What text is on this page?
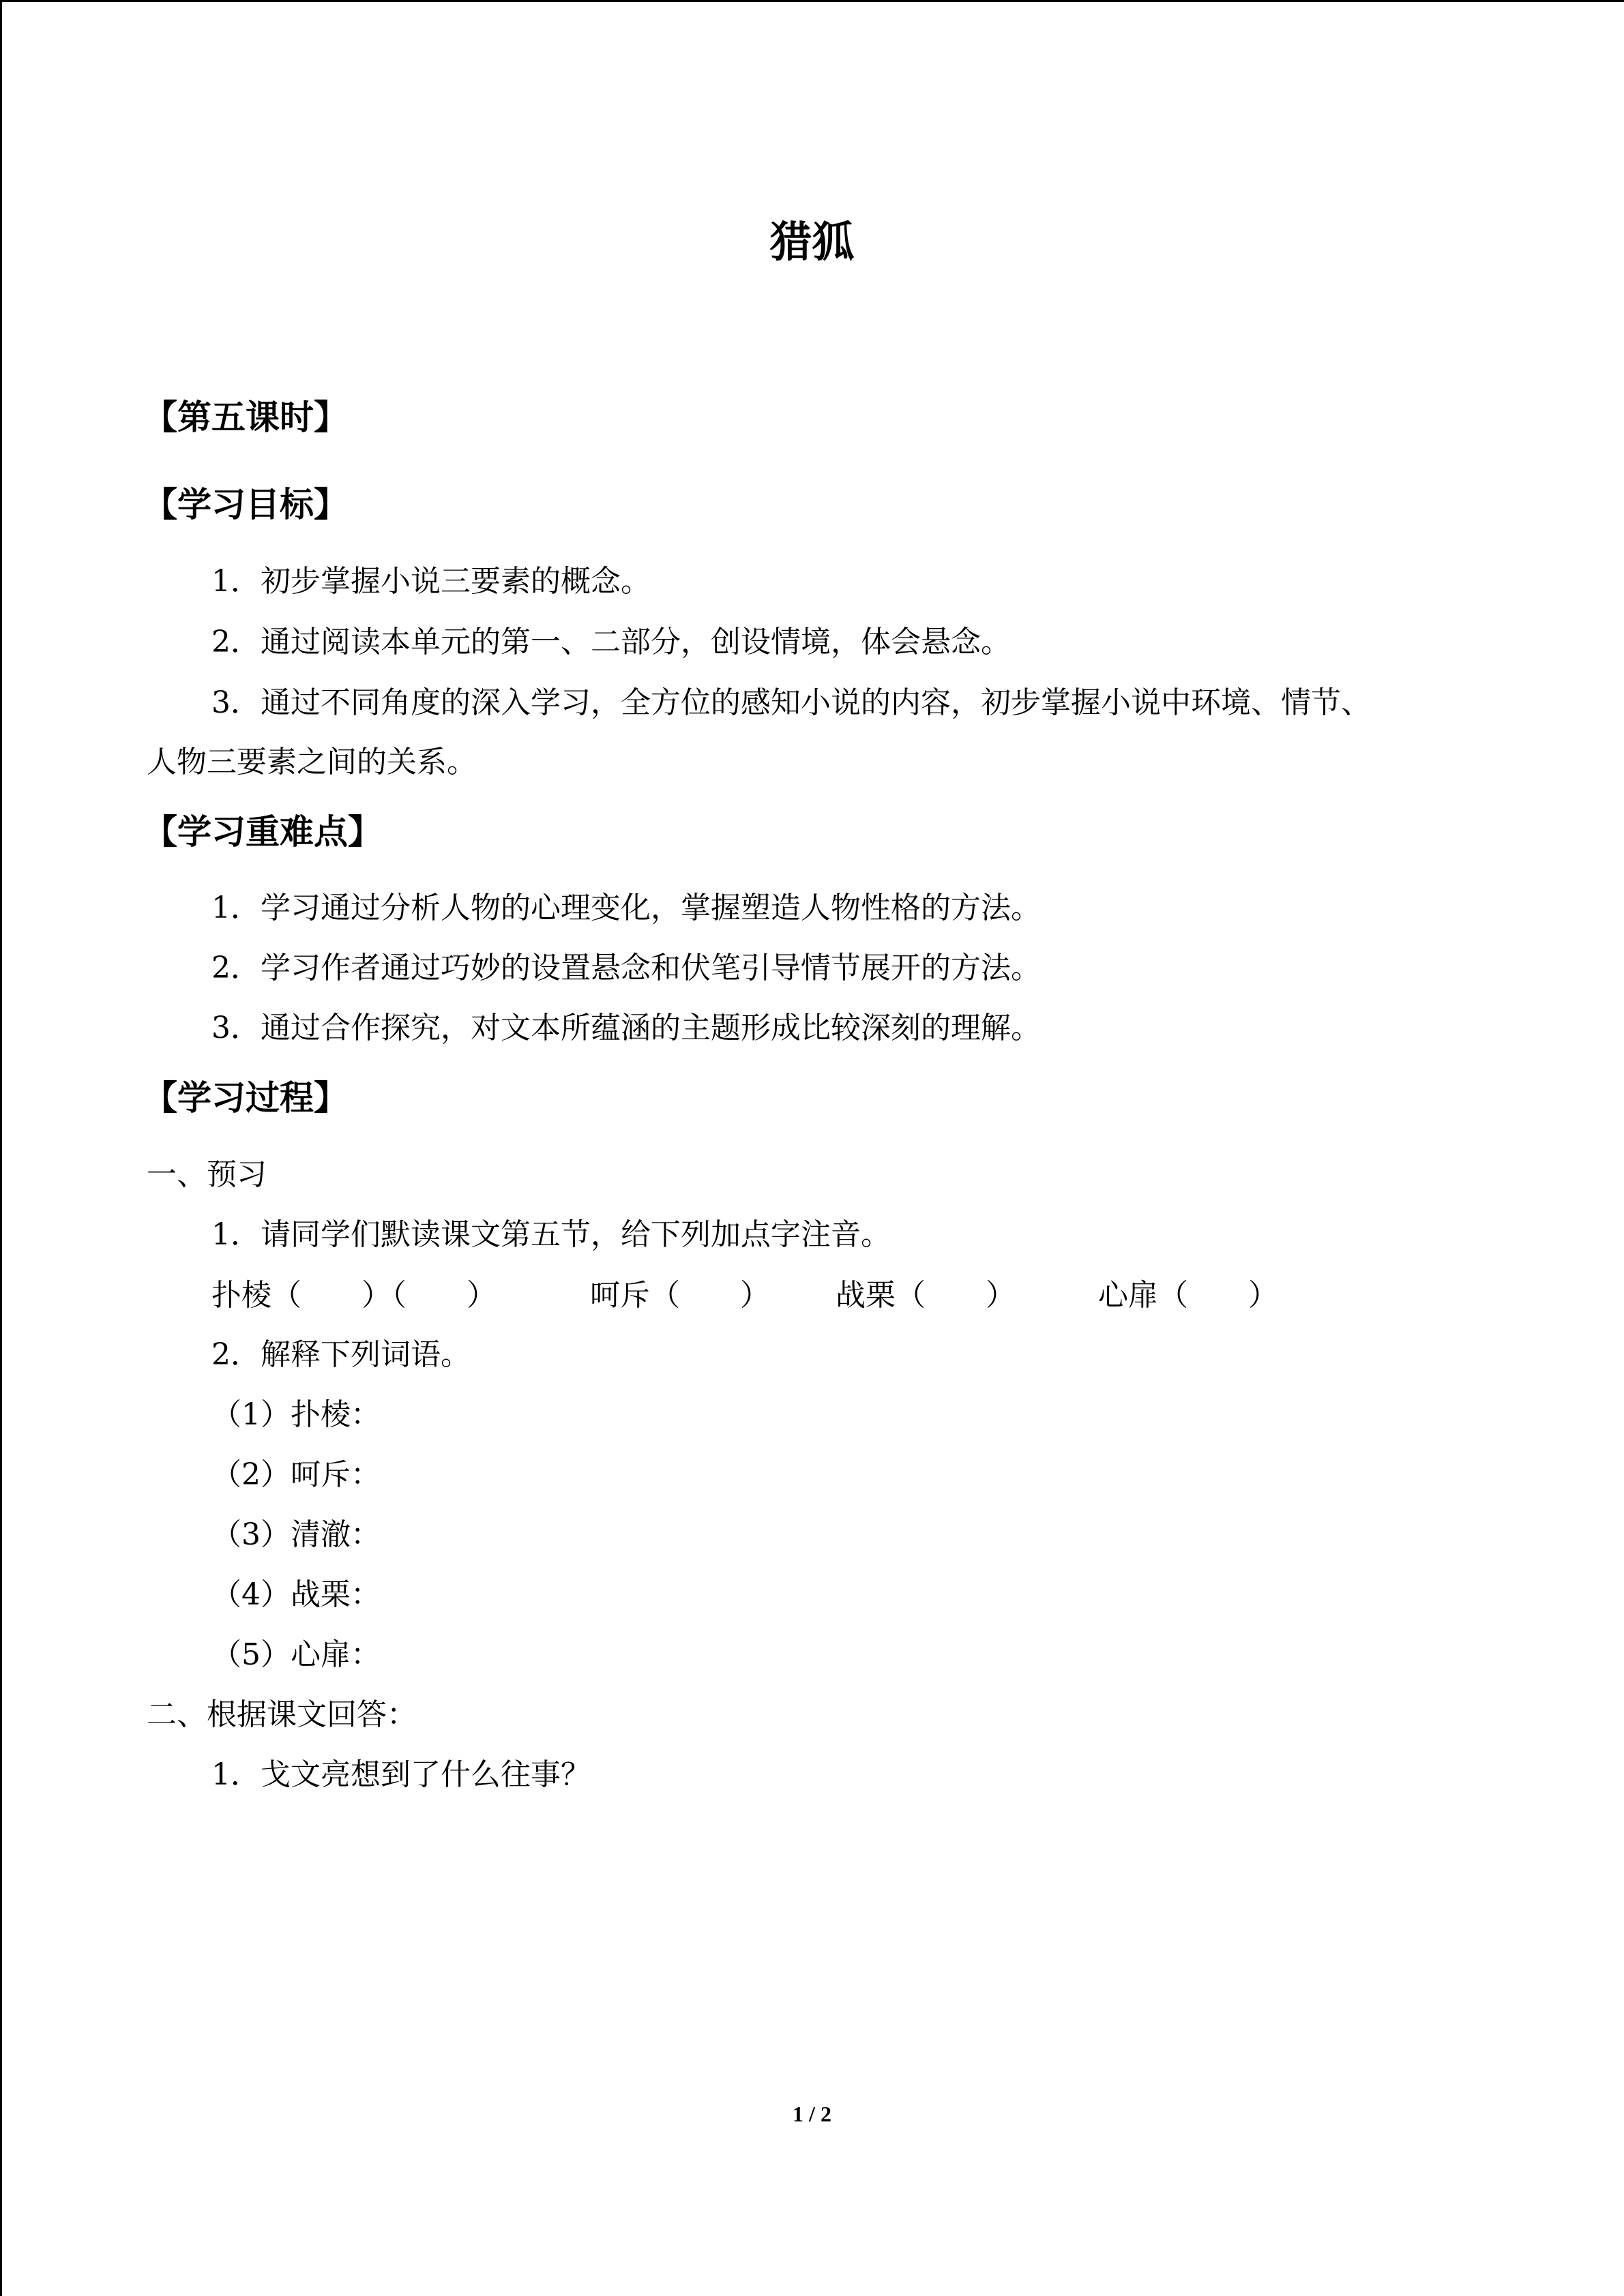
猎狐
【第五课时】
【学习目标】
1．初步掌握小说三要素的概念。
2．通过阅读本单元的第一、二部分，创设情境，体会悬念。
3．通过不同角度的深入学习，全方位的感知小说的内容，初步掌握小说中环境、情节、
人物三要素之间的关系。
【学习重难点】
1．学习通过分析人物的心理变化，掌握塑造人物性格的方法。
2．学习作者通过巧妙的设置悬念和伏笔引导情节展开的方法。
3．通过合作探究，对文本所蕴涵的主题形成比较深刻的理解。
【学习过程】
一、预习
1．请同学们默读课文第五节，给下列加点字注音。
扑棱（　　）（　　）	呵斥（　　） 战栗（　　）	心扉（　　）
2．解释下列词语。
（1）扑棱：
（2）呵斥：
（3）清澈：
（4）战栗：
（5）心扉：
二、根据课文回答：
1．戈文亮想到了什么往事？
1 / 2
